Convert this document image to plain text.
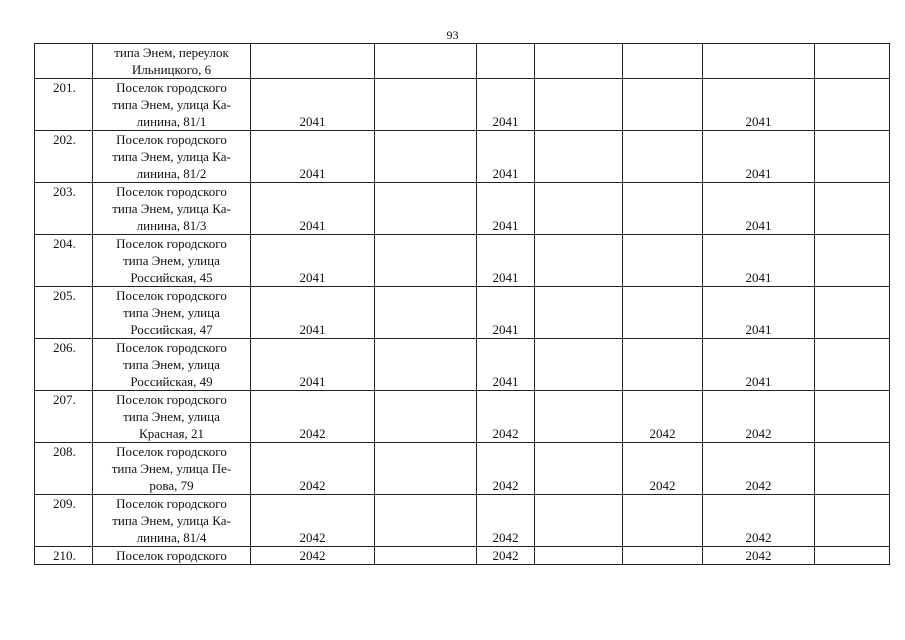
93

	типа Энем, переулок
Ильницкого, 6							

201.	Поселок городского
типа Энем, улица Ка-
линина, 81/1	2041		2041			2041	
202.	Поселок городского
типа Энем, улица Ка-
линина, 81/2	2041		2041			2041	
203.	Поселок городского
типа Энем, улица Ка-
линина, 81/3	2041		2041			2041	
204.	Поселок городского
типа Энем, улица
Российская, 45	2041		2041			2041	
205.	Поселок городского
типа Энем, улица
Российская, 47	2041		2041			2041	
206.	Поселок городского
типа Энем, улица
Российская, 49	2041		2041			2041	
207.	Поселок городского
типа Энем, улица
Красная, 21	2042		2042		2042	2042	
208.	Поселок городского
типа Энем, улица Пе-
рова, 79	2042		2042		2042	2042	
209.	Поселок городского
типа Энем, улица Ка-
линина, 81/4	2042		2042			2042	
210.	Поселок городского	2042		2042			2042	
